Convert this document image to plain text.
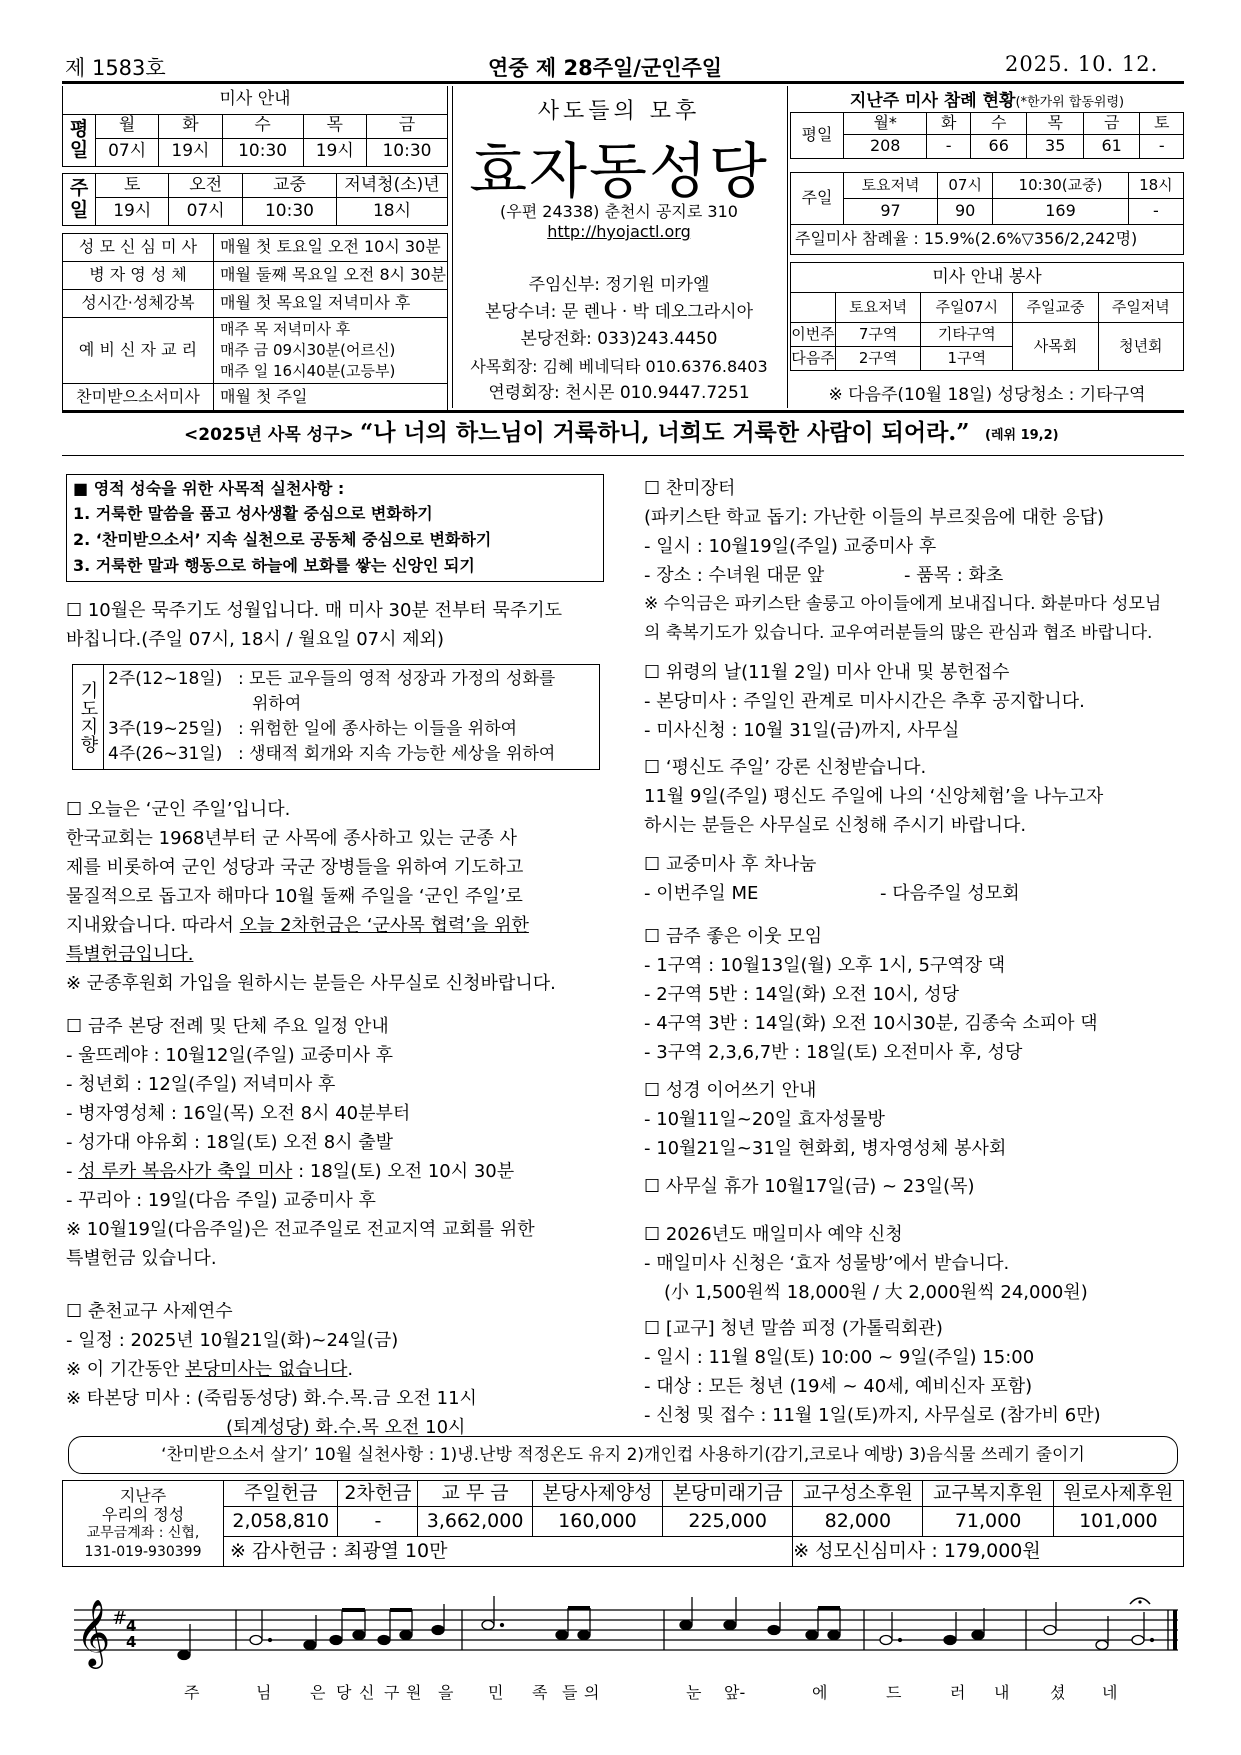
제 1583호	연중 제 28주일/군인주일	2025. 10. 12.
미사 안내					
평일	월	화	수	목	금
	07시	19시	10:30	19시	10:30
주일	토	오전	교중	저녁청(소)년
	19시	07시	10:30	18시
성 모 신 심 미 사	매월 첫 토요일 오전 10시 30분
병 자 영 성 체	매월 둘째 목요일 오전 8시 30분
성시간·성체강복	매월 첫 목요일 저녁미사 후
예 비 신 자 교 리	매주 목 저녁미사 후
매주 금 09시30분(어르신)
매주 일 16시40분(고등부)

찬미받으소서미사	매월 첫 주일
사도들의 모후
효자동성당
(우편 24338) 춘천시 공지로 310
http://hyojactl.org
주임신부: 정기원 미카엘
본당수녀: 문 렌나 · 박 데오그라시아
본당전화: 033)243.4450
사목회장: 김혜 베네딕타 010.6376.8403
연령회장: 천시몬 010.9447.7251
지난주 미사 참례 현황(*한가위 합동위령)
평일	월*	화	수	목	금	토
	208	-	66	35	61	-
주일	토요저녁	07시	10:30(교중)	18시
	97	90	169	-
주일미사 참례율 : 15.9%(2.6%▽356/2,242명)				
미사 안내 봉사				
	토요저녁	주일07시	주일교중	주일저녁
이번주	7구역	기타구역	사목회	청년회
다음주	2구역	1구역		
※ 다음주(10월 18일) 성당청소 : 기타구역
<2025년 사목 성구> “나 너의 하느님이 거룩하니, 너희도 거룩한 사람이 되어라.” (레위 19,2)

■ 영적 성숙을 위한 사목적 실천사항 :

1. 거룩한 말씀을 품고 성사생활 중심으로 변화하기

2. ‘찬미받으소서’ 지속 실천으로 공동체 중심으로 변화하기

3. 거룩한 말과 행동으로 하늘에 보화를 쌓는 신앙인 되기

☐ 10월은 묵주기도 성월입니다. 매 미사 30분 전부터 묵주기도

바칩니다.(주일 07시, 18시 / 월요일 07시 제외)

기도지향	
2주(12~18일) : 모든 교우들의 영적 성장과 가정의 성화를
위하여
3주(19~25일) : 위험한 일에 종사하는 이들을 위하여
4주(26~31일) : 생태적 회개와 지속 가능한 세상을 위하여

☐ 오늘은 ‘군인 주일’입니다.

한국교회는 1968년부터 군 사목에 종사하고 있는 군종 사

제를 비롯하여 군인 성당과 국군 장병들을 위하여 기도하고

물질적으로 돕고자 해마다 10월 둘째 주일을 ‘군인 주일’로

지내왔습니다. 따라서 오늘 2차헌금은 ‘군사목 협력’을 위한

특별헌금입니다.

※ 군종후원회 가입을 원하시는 분들은 사무실로 신청바랍니다.

☐ 금주 본당 전례 및 단체 주요 일정 안내

- 울뜨레야 : 10월12일(주일) 교중미사 후

- 청년회 : 12일(주일) 저녁미사 후

- 병자영성체 : 16일(목) 오전 8시 40분부터

- 성가대 야유회 : 18일(토) 오전 8시 출발

- 성 루카 복음사가 축일 미사 : 18일(토) 오전 10시 30분

- 꾸리아 : 19일(다음 주일) 교중미사 후

※ 10월19일(다음주일)은 전교주일로 전교지역 교회를 위한

특별헌금 있습니다.

☐ 춘천교구 사제연수

- 일정 : 2025년 10월21일(화)~24일(금)

※ 이 기간동안 본당미사는 없습니다.

※ 타본당 미사 : (죽림동성당) 화.수.목.금 오전 11시

(퇴계성당) 화.수.목 오전 10시

☐ 찬미장터

(파키스탄 학교 돕기: 가난한 이들의 부르짖음에 대한 응답)

- 일시 : 10월19일(주일) 교중미사 후

- 장소 : 수녀원 대문 앞	- 품목 : 화초

※ 수익금은 파키스탄 솔룽고 아이들에게 보내집니다. 화분마다 성모님

의 축복기도가 있습니다. 교우여러분들의 많은 관심과 협조 바랍니다.

☐ 위령의 날(11월 2일) 미사 안내 및 봉헌접수

- 본당미사 : 주일인 관계로 미사시간은 추후 공지합니다.

- 미사신청 : 10월 31일(금)까지, 사무실

☐ ‘평신도 주일’ 강론 신청받습니다.

11월 9일(주일) 평신도 주일에 나의 ‘신앙체험’을 나누고자

하시는 분들은 사무실로 신청해 주시기 바랍니다.

☐ 교중미사 후 차나눔

- 이번주일 ME	- 다음주일 성모회

☐ 금주 좋은 이웃 모임

- 1구역 : 10월13일(월) 오후 1시, 5구역장 댁

- 2구역 5반 : 14일(화) 오전 10시, 성당

- 4구역 3반 : 14일(화) 오전 10시30분, 김종숙 소피아 댁

- 3구역 2,3,6,7반 : 18일(토) 오전미사 후, 성당

☐ 성경 이어쓰기 안내

- 10월11일~20일 효자성물방

- 10월21일~31일 현화회, 병자영성체 봉사회

☐ 사무실 휴가 10월17일(금) ~ 23일(목)

☐ 2026년도 매일미사 예약 신청

- 매일미사 신청은 ‘효자 성물방’에서 받습니다.

(小 1,500원씩 18,000원 / 大 2,000원씩 24,000원)

☐ [교구] 청년 말씀 피정 (가톨릭회관)

- 일시 : 11월 8일(토) 10:00 ~ 9일(주일) 15:00

- 대상 : 모든 청년 (19세 ~ 40세, 예비신자 포함)

- 신청 및 접수 : 11월 1일(토)까지, 사무실로 (참가비 6만)

‘찬미받으소서 살기’ 10월 실천사항 : 1)냉.난방 적정온도 유지 2)개인컵 사용하기(감기,코로나 예방) 3)음식물 쓰레기 줄이기
지난주
우리의 정성
교무금계좌 : 신협,
131-019-930399	주일헌금	2차헌금	교 무 금	본당사제양성	본당미래기금	교구성소후원	교구복지후원	원로사제후원
	2,058,810	-	3,662,000	160,000	225,000	82,000	71,000	101,000
	※ 감사헌금 : 최광열 10만					※ 성모신심미사 : 179,000원		
𝄞 #
4
4
주	님 은 당 신 구 원 을 민 족 들 의	눈 앞-	에	드	러 내	셨 네
